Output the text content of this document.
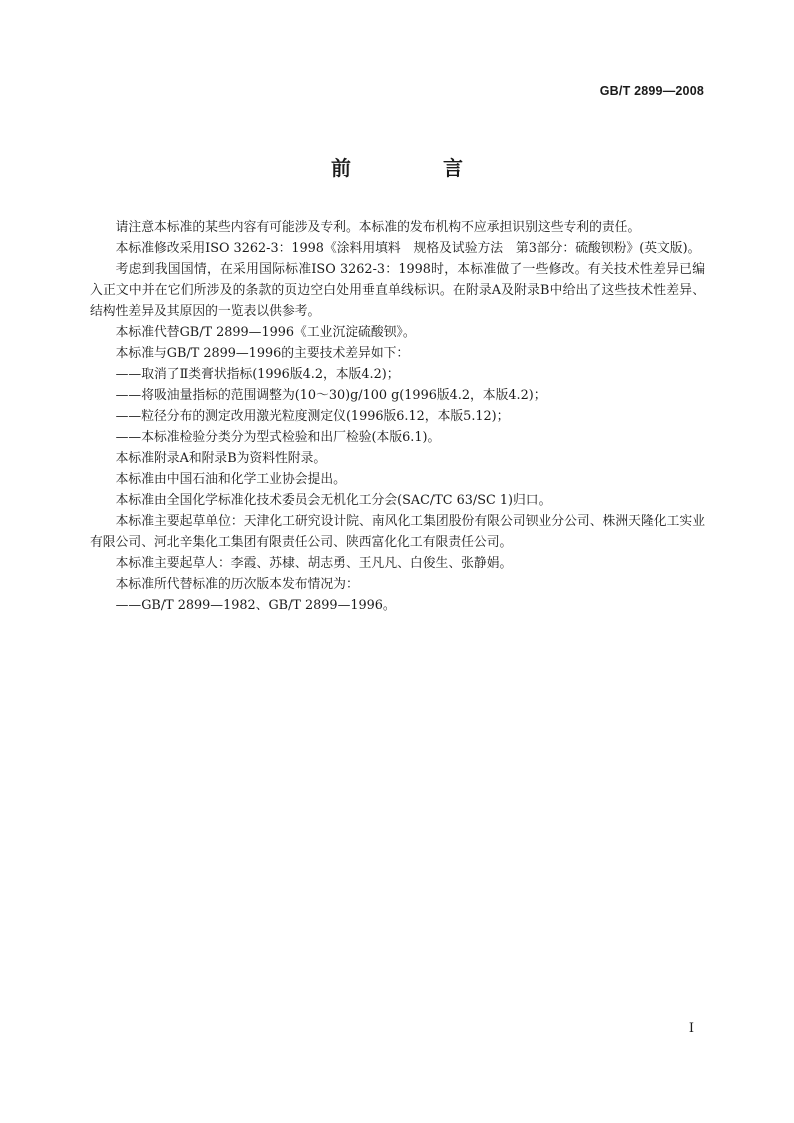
GB/T 2899—2008
前　言

请注意本标准的某些内容有可能涉及专利。本标准的发布机构不应承担识别这些专利的责任。

本标准修改采用ISO 3262-3：1998《涂料用填料　规格及试验方法　第3部分：硫酸钡粉》(英文版)。

考虑到我国国情，在采用国际标准ISO 3262-3：1998时，本标准做了一些修改。有关技术性差异已编入正文中并在它们所涉及的条款的页边空白处用垂直单线标识。在附录A及附录B中给出了这些技术性差异、结构性差异及其原因的一览表以供参考。

本标准代替GB/T 2899—1996《工业沉淀硫酸钡》。

本标准与GB/T 2899—1996的主要技术差异如下：

——取消了Ⅱ类膏状指标(1996版4.2，本版4.2)；

——将吸油量指标的范围调整为(10～30)g/100 g(1996版4.2，本版4.2)；

——粒径分布的测定改用激光粒度测定仪(1996版6.12，本版5.12)；

——本标准检验分类分为型式检验和出厂检验(本版6.1)。

本标准附录A和附录B为资料性附录。

本标准由中国石油和化学工业协会提出。

本标准由全国化学标准化技术委员会无机化工分会(SAC/TC 63/SC 1)归口。

本标准主要起草单位：天津化工研究设计院、南风化工集团股份有限公司钡业分公司、株洲天隆化工实业有限公司、河北辛集化工集团有限责任公司、陕西富化化工有限责任公司。

本标准主要起草人：李霞、苏棣、胡志勇、王凡凡、白俊生、张静娟。

本标准所代替标准的历次版本发布情况为：

——GB/T 2899—1982、GB/T 2899—1996。

I
